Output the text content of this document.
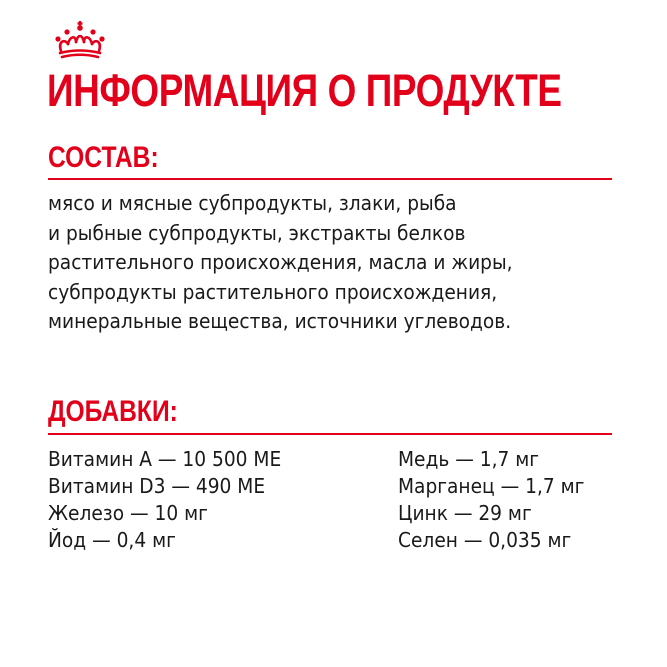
ИНФОРМАЦИЯ О ПРОДУКТЕ
СОСТАВ:
мясо и мясные субпродукты, злаки, рыба
и рыбные субпродукты, экстракты белков
растительного происхождения, масла и жиры,
субпродукты растительного происхождения,
минеральные вещества, источники углеводов.
ДОБАВКИ:
Витамин А — 10 500 МЕ
Витамин D3 — 490 МЕ
Железо — 10 мг
Йод — 0,4 мг
Медь — 1,7 мг
Марганец — 1,7 мг
Цинк — 29 мг
Селен — 0,035 мг
